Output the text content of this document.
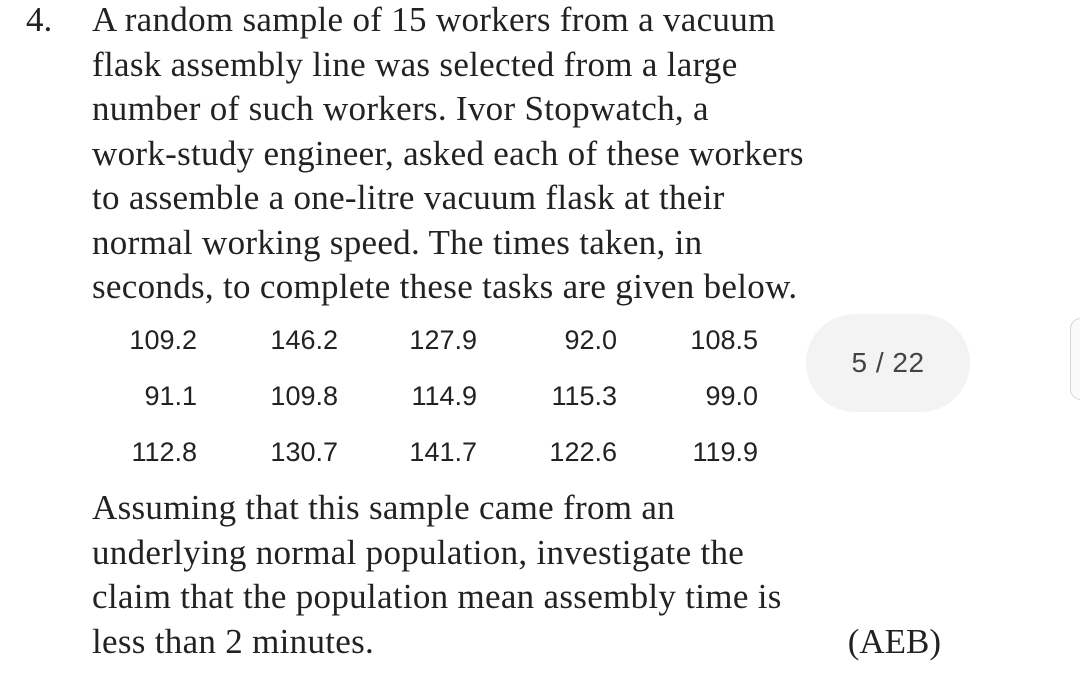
4. A random sample of 15 workers from a vacuum
flask assembly line was selected from a large
number of such workers. Ivor Stopwatch, a
work-study engineer, asked each of these workers
to assemble a one-litre vacuum flask at their
normal working speed. The times taken, in
seconds, to complete these tasks are given below.
109.2	146.2	127.9	92.0	108.5
91.1	109.8	114.9	115.3	99.0
112.8	130.7	141.7	122.6	119.9
Assuming that this sample came from an
underlying normal population, investigate the
claim that the population mean assembly time is
less than 2 minutes.	(AEB)
5 / 22
